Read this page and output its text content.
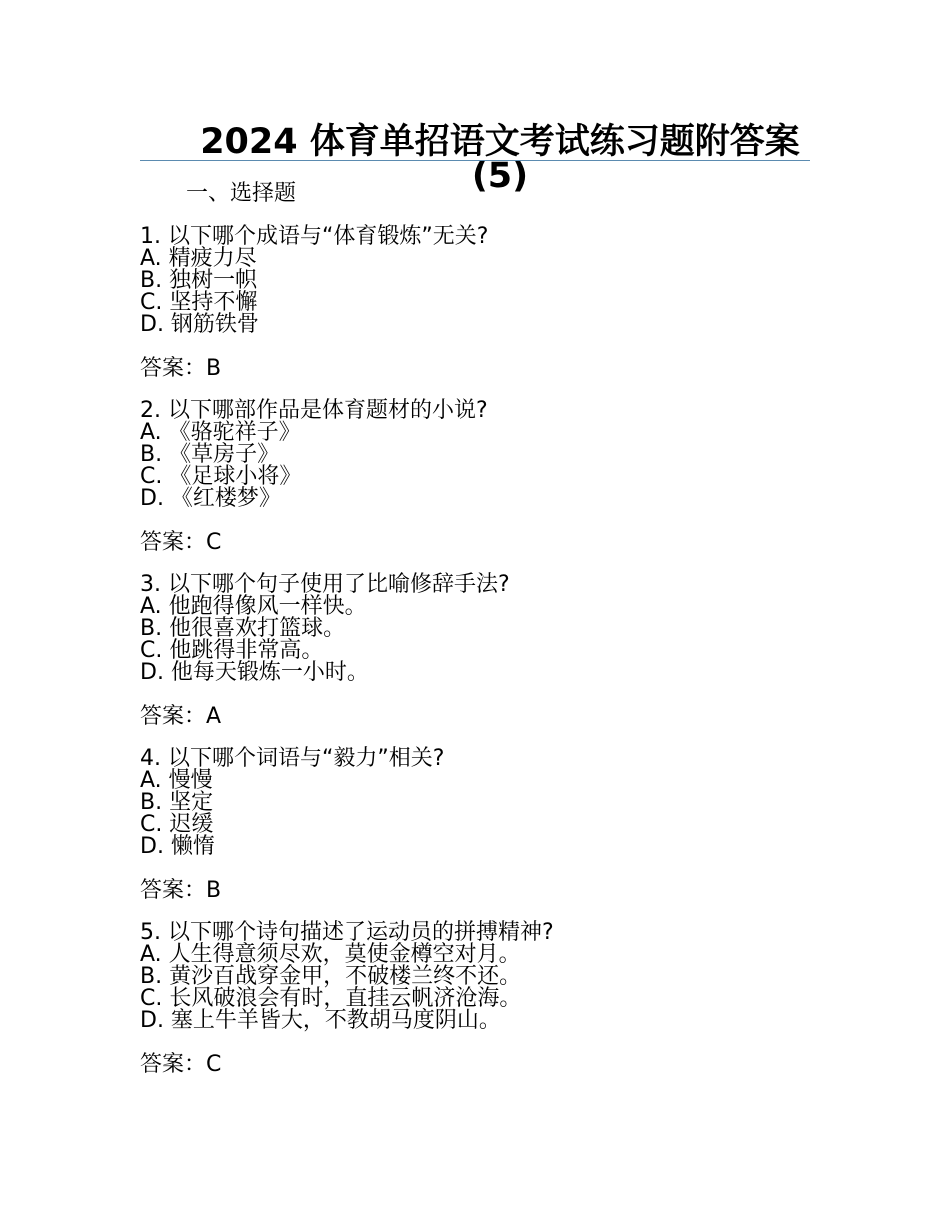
2024 体育单招语文考试练习题附答案
(5)
一、选择题
1. 以下哪个成语与“体育锻炼”无关?
A. 精疲力尽
B. 独树一帜
C. 坚持不懈
D. 钢筋铁骨
答案：B
2. 以下哪部作品是体育题材的小说?
A. 《骆驼祥子》
B. 《草房子》
C. 《足球小将》
D. 《红楼梦》
答案：C
3. 以下哪个句子使用了比喻修辞手法?
A. 他跑得像风一样快。
B. 他很喜欢打篮球。
C. 他跳得非常高。
D. 他每天锻炼一小时。
答案：A
4. 以下哪个词语与“毅力”相关?
A. 慢慢
B. 坚定
C. 迟缓
D. 懒惰
答案：B
5. 以下哪个诗句描述了运动员的拼搏精神?
A. 人生得意须尽欢，莫使金樽空对月。
B. 黄沙百战穿金甲，不破楼兰终不还。
C. 长风破浪会有时，直挂云帆济沧海。
D. 塞上牛羊皆大，不教胡马度阴山。
答案：C
